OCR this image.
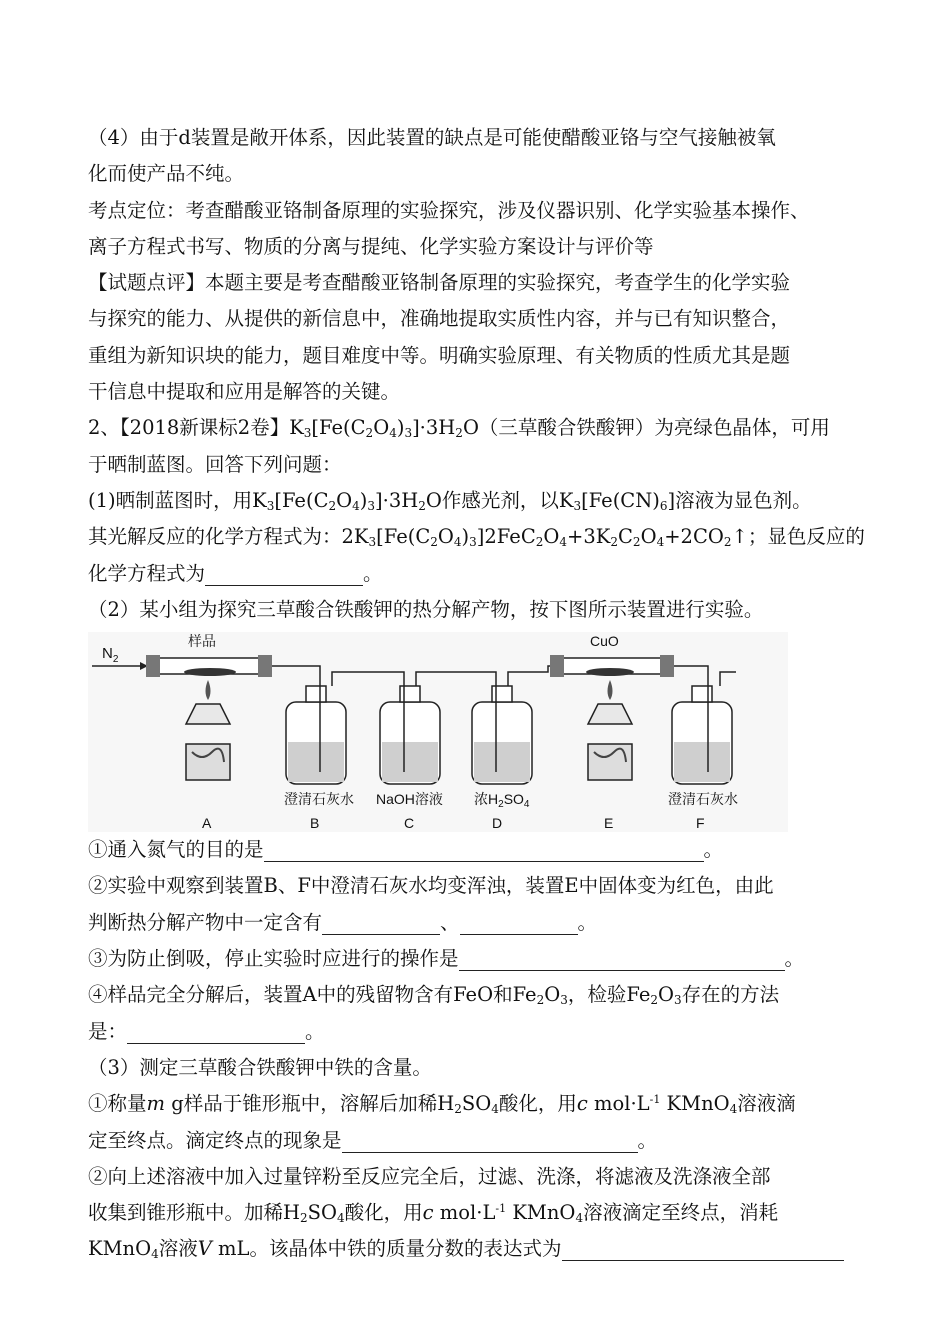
（4）由于d装置是敞开体系，因此装置的缺点是可能使醋酸亚铬与空气接触被氧
化而使产品不纯。
考点定位：考查醋酸亚铬制备原理的实验探究，涉及仪器识别、化学实验基本操作、
离子方程式书写、物质的分离与提纯、化学实验方案设计与评价等
【试题点评】本题主要是考查醋酸亚铬制备原理的实验探究，考查学生的化学实验
与探究的能力、从提供的新信息中，准确地提取实质性内容，并与已有知识整合，
重组为新知识块的能力，题目难度中等。明确实验原理、有关物质的性质尤其是题
干信息中提取和应用是解答的关键。
2、【2018新课标2卷】$K_3[Fe(C_2O_4)_3]\cdot 3H_2O$（三草酸合铁酸钾）为亮绿色晶体，可用
于晒制蓝图。回答下列问题：
(1)晒制蓝图时，用$K_3[Fe(C_2O_4)_3]\cdot 3H_2O$作感光剂，以$K_3[Fe(CN)_6]$溶液为显色剂。
其光解反应的化学方程式为：$2K_3[Fe(C_2O_4)_3]2FeC_2O_4+3K_2C_2O_4+2CO_2↑$；显色反应的
化学方程式为	。
（2）某小组为探究三草酸合铁酸钾的热分解产物，按下图所示装置进行实验。
$N_2$
样品	CuO
澄清石灰水 NaOH溶液 浓$H_2SO_4$	澄清石灰水
A	B	C	D	E	F
①通入氮气的目的是	。
②实验中观察到装置B、F中澄清石灰水均变浑浊，装置E中固体变为红色，由此
判断热分解产物中一定含有	、	。
③为防止倒吸，停止实验时应进行的操作是	。
④样品完全分解后，装置A中的残留物含有FeO和$Fe_2O_3$，检验$Fe_2O_3$存在的方法
是：	。
（3）测定三草酸合铁酸钾中铁的含量。
①称量m g样品于锥形瓶中，溶解后加稀$H_2SO_4$酸化，用c $mol\cdot L^{-1}$ KMnO$_4$溶液滴
定至终点。滴定终点的现象是	。
②向上述溶液中加入过量锌粉至反应完全后，过滤、洗涤，将滤液及洗涤液全部
收集到锥形瓶中。加稀$H_2SO_4$酸化，用c $mol\cdot L^{-1}$ KMnO$_4$溶液滴定至终点，消耗
KMnO$_4$溶液V mL。该晶体中铁的质量分数的表达式为
